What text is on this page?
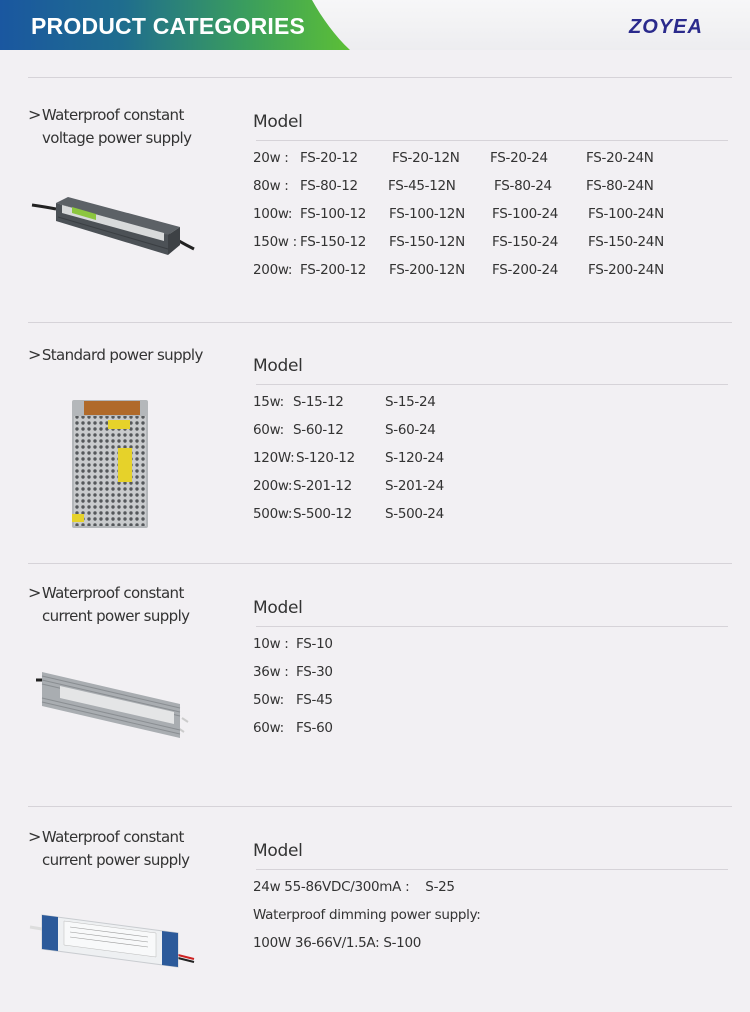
PRODUCT CATEGORIES	ZOYEA
>Waterproof constant
voltage power supply
Model
20w : FS-20-12	FS-20-12N FS-20-24	FS-20-24N
80w : FS-80-12 FS-45-12N	FS-80-24	FS-80-24N
100w: FS-100-12 FS-100-12N FS-100-24 FS-100-24N
150w : FS-150-12 FS-150-12N FS-150-24 FS-150-24N
200w: FS-200-12 FS-200-12N FS-200-24 FS-200-24N
>Standard power supply
Model
15w: S-15-12	S-15-24
60w: S-60-12	S-60-24
120W: S-120-12 S-120-24
200w: S-201-12 S-201-24
500w: S-500-12 S-500-24
>Waterproof constant
current power supply	Model
10w : FS-10
36w : FS-30
50w: FS-45
60w: FS-60
>Waterproof constant
current power supply	Model
24w 55-86VDC/300mA :    S-25
Waterproof dimming power supply:
100W 36-66V/1.5A: S-100
